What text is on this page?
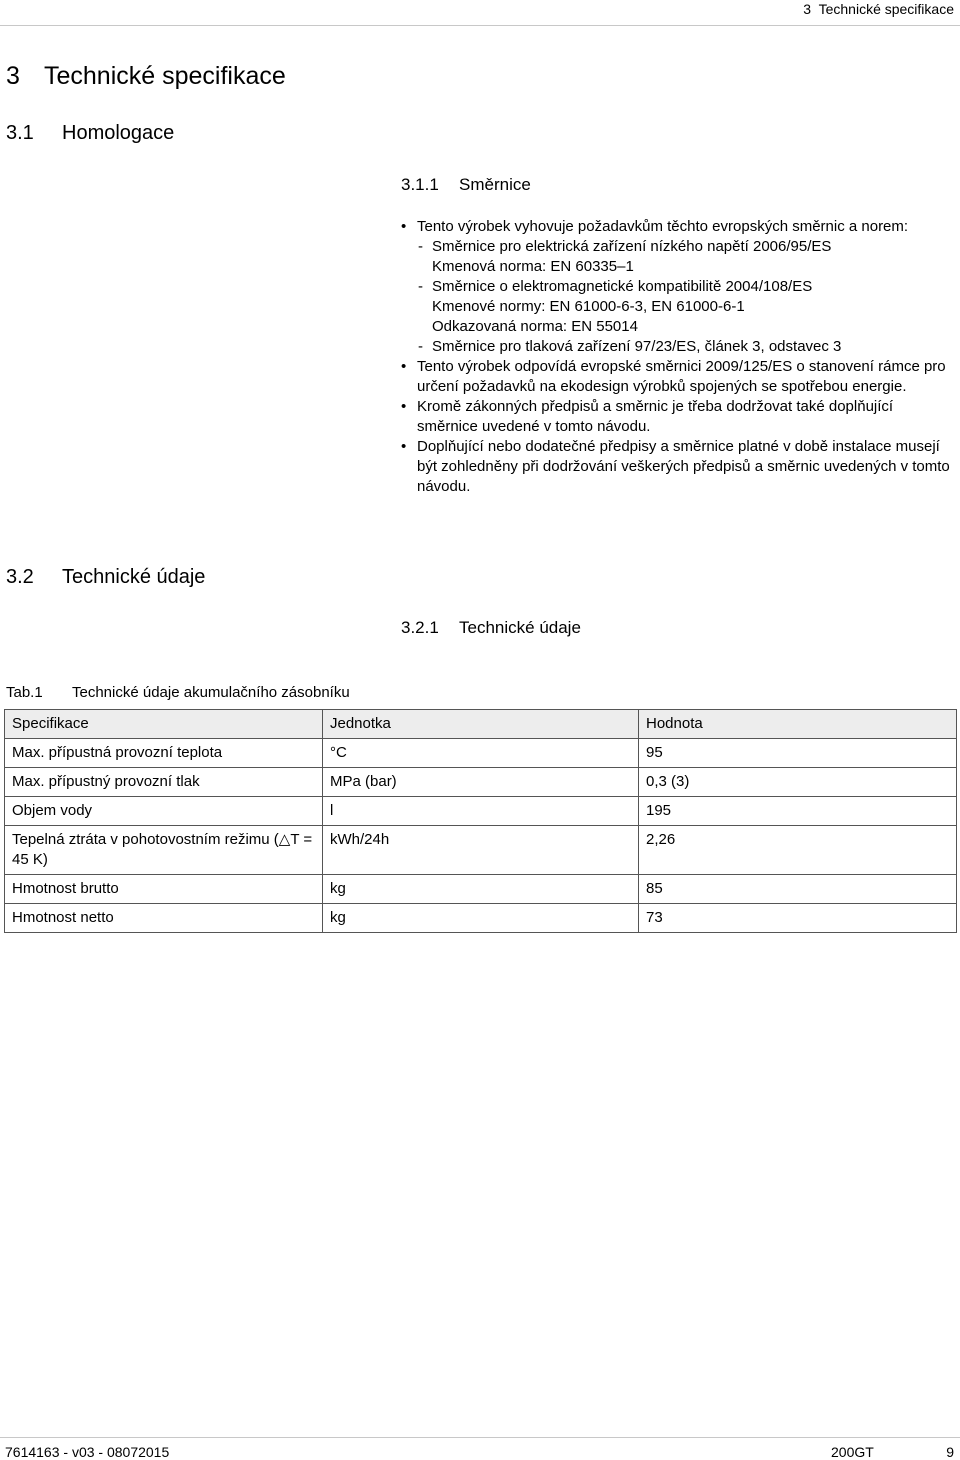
3  Technické specifikace
3 Technické specifikace
3.1 Homologace
3.1.1 Směrnice
• Tento výrobek vyhovuje požadavkům těchto evropských směrnic a norem:
- Směrnice pro elektrická zařízení nízkého napětí 2006/95/ES
Kmenová norma: EN 60335‒1
- Směrnice o elektromagnetické kompatibilitě 2004/108/ES
Kmenové normy: EN 61000-6-3, EN 61000-6-1
Odkazovaná norma: EN 55014
- Směrnice pro tlaková zařízení 97/23/ES, článek 3, odstavec 3
• Tento výrobek odpovídá evropské směrnici 2009/125/ES o stanovení rámce pro určení požadavků na ekodesign výrobků spojených se spotřebou energie.
• Kromě zákonných předpisů a směrnic je třeba dodržovat také doplňující směrnice uvedené v tomto návodu.
• Doplňující nebo dodatečné předpisy a směrnice platné v době instalace musejí být zohledněny při dodržování veškerých předpisů a směrnic uvedených v tomto návodu.
3.2 Technické údaje
3.2.1 Technické údaje
Tab.1 Technické údaje akumulačního zásobníku
Specifikace	Jednotka	Hodnota
Max. přípustná provozní teplota	°C	95
Max. přípustný provozní tlak	MPa (bar)	0,3 (3)
Objem vody	l	195
Tepelná ztráta v pohotovostním režimu (△T = 45 K)	kWh/24h	2,26
Hmotnost brutto	kg	85
Hmotnost netto	kg	73
7614163 - v03 - 08072015	200GT	9
